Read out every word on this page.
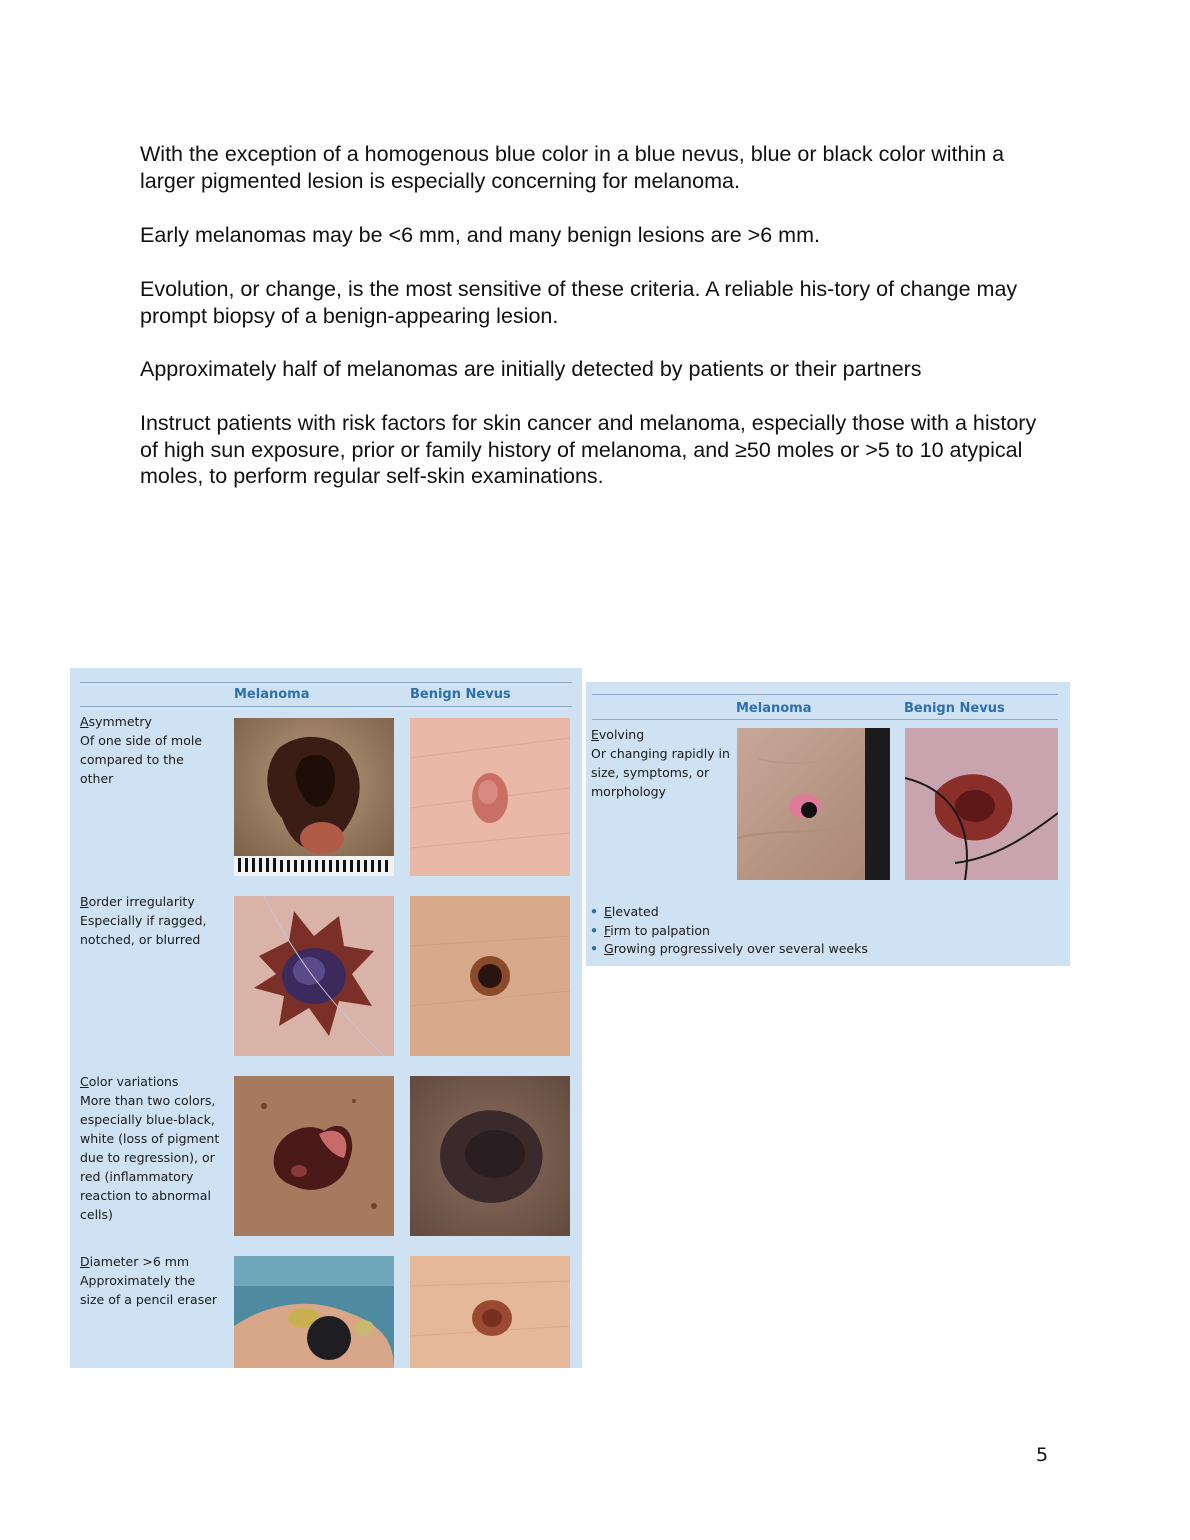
With the exception of a homogenous blue color in a blue nevus, blue or black color within a larger pigmented lesion is especially concerning for melanoma.

Early melanomas may be <6 mm, and many benign lesions are >6 mm.

Evolution, or change, is the most sensitive of these criteria. A reliable his-tory of change may prompt biopsy of a benign-appearing lesion.

Approximately half of melanomas are initially detected by patients or their partners

Instruct patients with risk factors for skin cancer and melanoma, especially those with a history of high sun exposure, prior or family history of melanoma, and ≥50 moles or >5 to 10 atypical moles, to perform regular self-skin examinations.

Melanoma	Benign Nevus
Asymmetry
Of one side of mole
compared to the
other
Border irregularity
Especially if ragged,
notched, or blurred
Color variations
More than two colors,
especially blue-black,
white (loss of pigment
due to regression), or
red (inflammatory
reaction to abnormal
cells)
Diameter >6 mm
Approximately the
size of a pencil eraser
Melanoma	Benign Nevus
Evolving
Or changing rapidly in
size, symptoms, or
morphology
• Elevated
• Firm to palpation
• Growing progressively over several weeks
5
